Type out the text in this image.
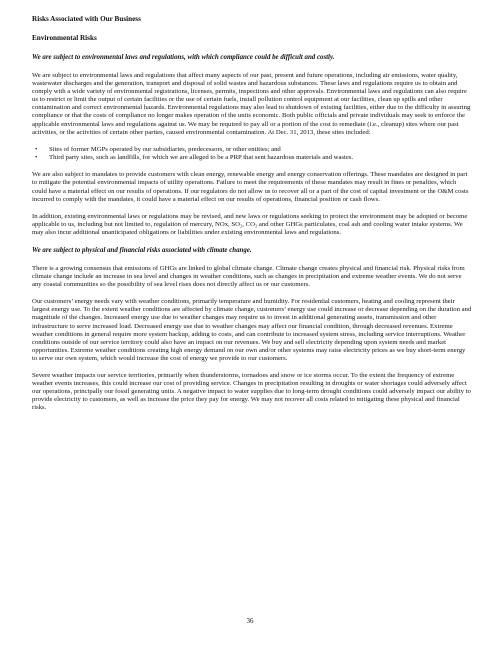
Risks Associated with Our Business
Environmental Risks
We are subject to environmental laws and regulations, with which compliance could be difficult and costly.

We are subject to environmental laws and regulations that affect many aspects of our past, present and future operations, including air emissions, water quality, wastewater discharges and the generation, transport and disposal of solid wastes and hazardous substances. These laws and regulations require us to obtain and comply with a wide variety of environmental registrations, licenses, permits, inspections and other approvals. Environmental laws and regulations can also require us to restrict or limit the output of certain facilities or the use of certain fuels, install pollution control equipment at our facilities, clean up spills and other contamination and correct environmental hazards. Environmental regulations may also lead to shutdown of existing facilities, either due to the difficulty in assuring compliance or that the costs of compliance no longer makes operation of the units economic. Both public officials and private individuals may seek to enforce the applicable environmental laws and regulations against us. We may be required to pay all or a portion of the cost to remediate (i.e., cleanup) sites where our past activities, or the activities of certain other parties, caused environmental contamination. At Dec. 31, 2013, these sites included:

• Sites of former MGPs operated by our subsidiaries, predecessors, or other entities; and
• Third party sites, such as landfills, for which we are alleged to be a PRP that sent hazardous materials and wastes.

We are also subject to mandates to provide customers with clean energy, renewable energy and energy conservation offerings. These mandates are designed in part to mitigate the potential environmental impacts of utility operations. Failure to meet the requirements of these mandates may result in fines or penalties, which could have a material effect on our results of operations. If our regulators do not allow us to recover all or a part of the cost of capital investment or the O&M costs incurred to comply with the mandates, it could have a material effect on our results of operations, financial position or cash flows.

In addition, existing environmental laws or regulations may be revised, and new laws or regulations seeking to protect the environment may be adopted or become applicable to us, including but not limited to, regulation of mercury, NOx, SO₂, CO₂ and other GHGs particulates, coal ash and cooling water intake systems. We may also incur additional unanticipated obligations or liabilities under existing environmental laws and regulations.

We are subject to physical and financial risks associated with climate change.

There is a growing consensus that emissions of GHGs are linked to global climate change. Climate change creates physical and financial risk. Physical risks from climate change include an increase in sea level and changes in weather conditions, such as changes in precipitation and extreme weather events. We do not serve any coastal communities so the possibility of sea level rises does not directly affect us or our customers.

Our customers’ energy needs vary with weather conditions, primarily temperature and humidity. For residential customers, heating and cooling represent their largest energy use. To the extent weather conditions are affected by climate change, customers’ energy use could increase or decrease depending on the duration and magnitude of the changes. Increased energy use due to weather changes may require us to invest in additional generating assets, transmission and other infrastructure to serve increased load. Decreased energy use due to weather changes may affect our financial condition, through decreased revenues. Extreme weather conditions in general require more system backup, adding to costs, and can contribute to increased system stress, including service interruptions. Weather conditions outside of our service territory could also have an impact on our revenues. We buy and sell electricity depending upon system needs and market opportunities. Extreme weather conditions creating high energy demand on our own and/or other systems may raise electricity prices as we buy short-term energy to serve our own system, which would increase the cost of energy we provide to our customers.

Severe weather impacts our service territories, primarily when thunderstorms, tornadoes and snow or ice storms occur. To the extent the frequency of extreme weather events increases, this could increase our cost of providing service. Changes in precipitation resulting in droughts or water shortages could adversely affect our operations, principally our fossil generating units. A negative impact to water supplies due to long-term drought conditions could adversely impact our ability to provide electricity to customers, as well as increase the price they pay for energy. We may not recover all costs related to mitigating these physical and financial risks.

36
